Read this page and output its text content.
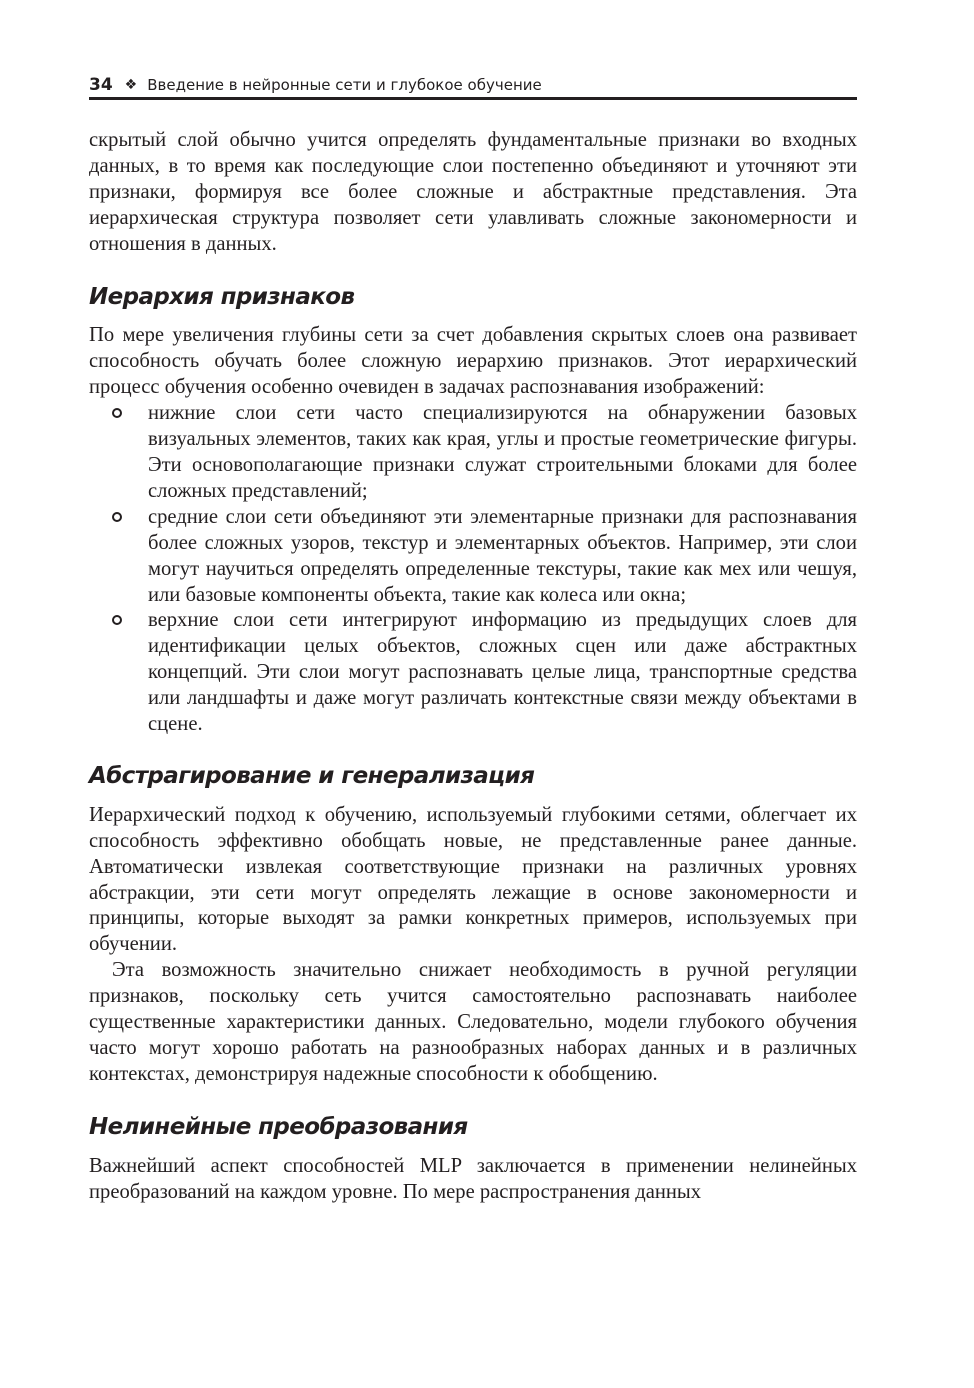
34 ❖ Введение в нейронные сети и глубокое обучение

скрытый слой обычно учится определять фундаментальные признаки во входных данных, в то время как последующие слои постепенно объединяют и уточняют эти признаки, формируя все более сложные и абстрактные представления. Эта иерархическая структура позволяет сети улавливать сложные закономерности и отношения в данных.

Иерархия признаков

По мере увеличения глубины сети за счет добавления скрытых слоев она развивает способность обучать более сложную иерархию признаков. Этот иерархический процесс обучения особенно очевиден в задачах распознавания изображений:

нижние слои сети часто специализируются на обнаружении базовых визуальных элементов, таких как края, углы и простые геометрические фигуры. Эти основополагающие признаки служат строительными блоками для более сложных представлений;
средние слои сети объединяют эти элементарные признаки для распознавания более сложных узоров, текстур и элементарных объектов. Например, эти слои могут научиться определять определенные текстуры, такие как мех или чешуя, или базовые компоненты объекта, такие как колеса или окна;
верхние слои сети интегрируют информацию из предыдущих слоев для идентификации целых объектов, сложных сцен или даже абстрактных концепций. Эти слои могут распознавать целые лица, транспортные средства или ландшафты и даже могут различать контекстные связи между объектами в сцене.
Абстрагирование и генерализация

Иерархический подход к обучению, используемый глубокими сетями, облегчает их способность эффективно обобщать новые, не представленные ранее данные. Автоматически извлекая соответствующие признаки на различных уровнях абстракции, эти сети могут определять лежащие в основе закономерности и принципы, которые выходят за рамки конкретных примеров, используемых при обучении.

Эта возможность значительно снижает необходимость в ручной регуляции признаков, поскольку сеть учится самостоятельно распознавать наиболее существенные характеристики данных. Следовательно, модели глубокого обучения часто могут хорошо работать на разнообразных наборах данных и в различных контекстах, демонстрируя надежные способности к обобщению.

Нелинейные преобразования

Важнейший аспект способностей MLP заключается в применении нелинейных преобразований на каждом уровне. По мере распространения данных
